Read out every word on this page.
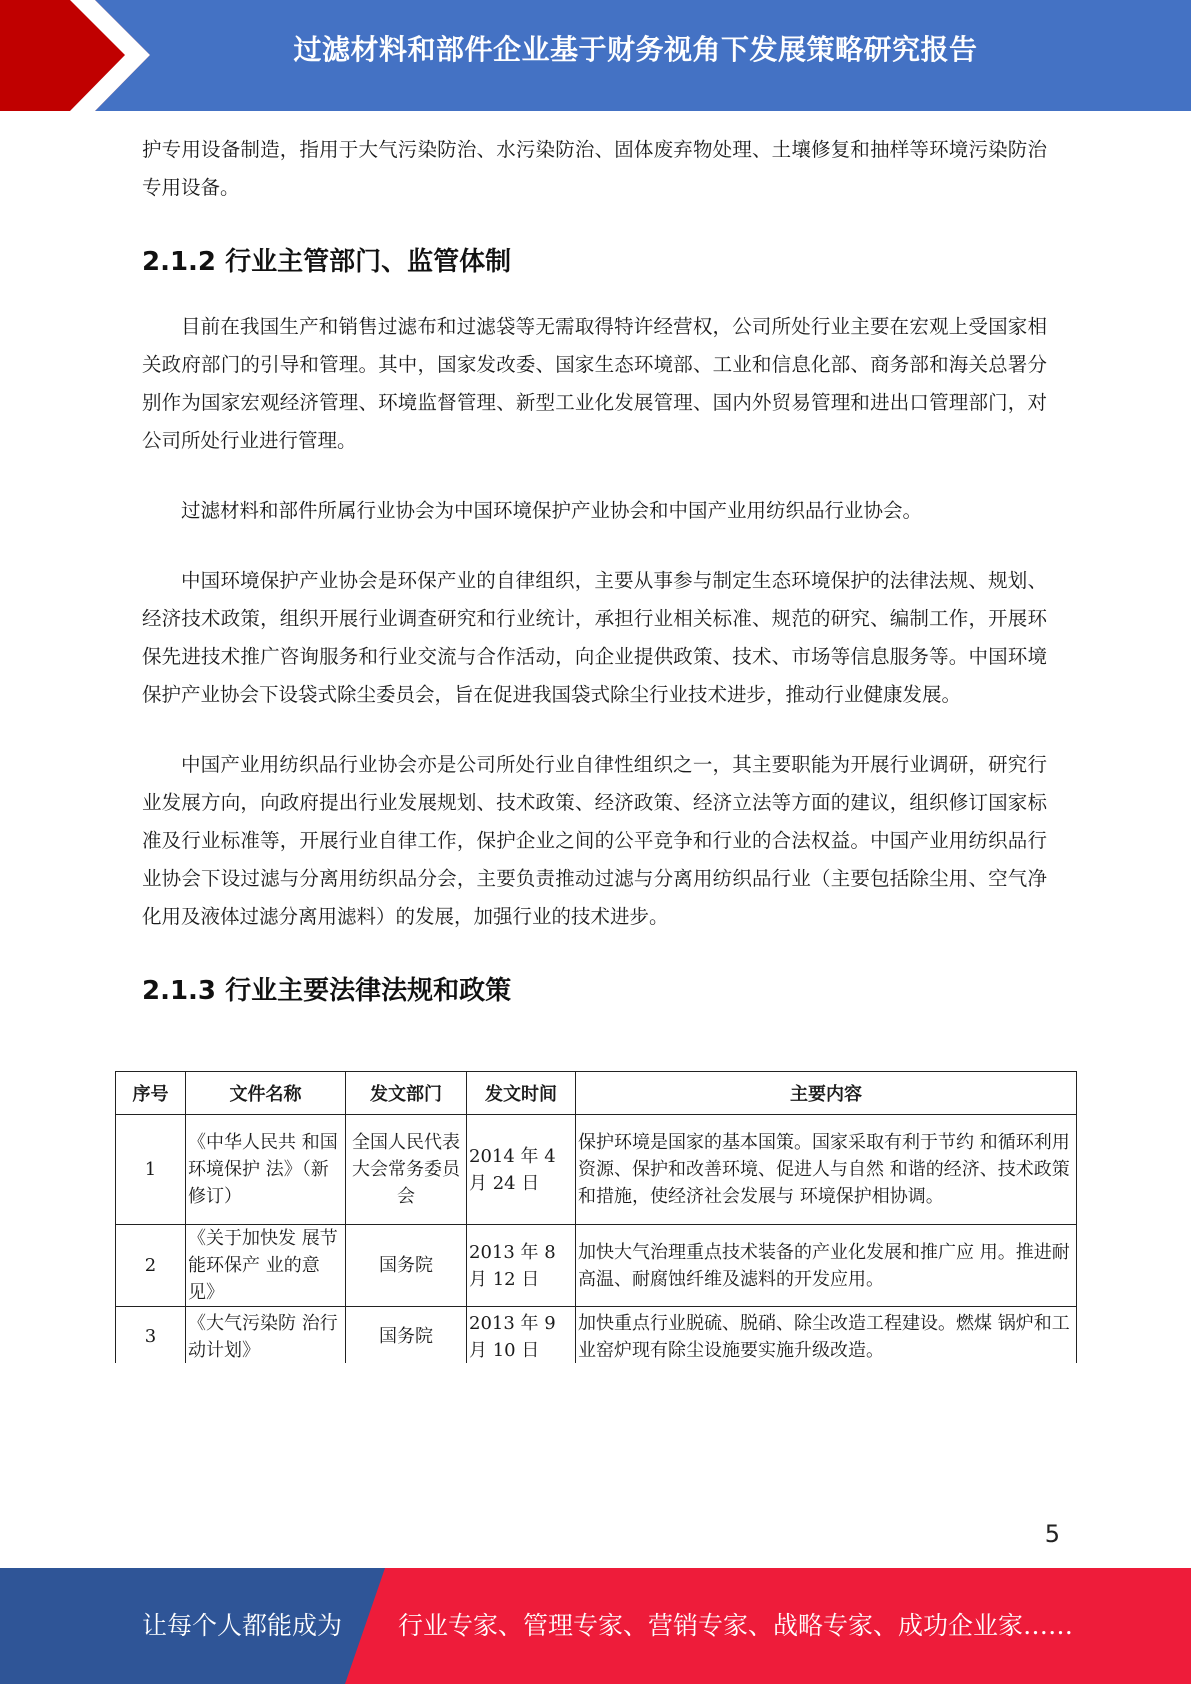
过滤材料和部件企业基于财务视角下发展策略研究报告

护专用设备制造，指用于大气污染防治、水污染防治、固体废弃物处理、土壤修复和抽样等环境污染防治专用设备。

2.1.2 行业主管部门、监管体制

目前在我国生产和销售过滤布和过滤袋等无需取得特许经营权，公司所处行业主要在宏观上受国家相关政府部门的引导和管理。其中，国家发改委、国家生态环境部、工业和信息化部、商务部和海关总署分别作为国家宏观经济管理、环境监督管理、新型工业化发展管理、国内外贸易管理和进出口管理部门，对公司所处行业进行管理。

过滤材料和部件所属行业协会为中国环境保护产业协会和中国产业用纺织品行业协会。

中国环境保护产业协会是环保产业的自律组织，主要从事参与制定生态环境保护的法律法规、规划、经济技术政策，组织开展行业调查研究和行业统计，承担行业相关标准、规范的研究、编制工作，开展环保先进技术推广咨询服务和行业交流与合作活动，向企业提供政策、技术、市场等信息服务等。中国环境保护产业协会下设袋式除尘委员会，旨在促进我国袋式除尘行业技术进步，推动行业健康发展。

中国产业用纺织品行业协会亦是公司所处行业自律性组织之一，其主要职能为开展行业调研，研究行业发展方向，向政府提出行业发展规划、技术政策、经济政策、经济立法等方面的建议，组织修订国家标准及行业标准等，开展行业自律工作，保护企业之间的公平竞争和行业的合法权益。中国产业用纺织品行业协会下设过滤与分离用纺织品分会，主要负责推动过滤与分离用纺织品行业（主要包括除尘用、空气净化用及液体过滤分离用滤料）的发展，加强行业的技术进步。

2.1.3 行业主要法律法规和政策
序号	文件名称	发文部门	发文时间	主要内容
1	《中华人民共 和国环境保护 法》（新修订）	全国人民代表大会常务委员会	2014 年 4 月 24 日	保护环境是国家的基本国策。国家采取有利于节约 和循环利用资源、保护和改善环境、促进人与自然 和谐的经济、技术政策和措施，使经济社会发展与 环境保护相协调。
2	《关于加快发 展节能环保产 业的意见》	国务院	2013 年 8 月 12 日	加快大气治理重点技术装备的产业化发展和推广应 用。推进耐高温、耐腐蚀纤维及滤料的开发应用。
3	《大气污染防 治行动计划》	国务院	2013 年 9 月 10 日	加快重点行业脱硫、脱硝、除尘改造工程建设。燃煤 锅炉和工业窑炉现有除尘设施要实施升级改造。
5
让每个人都能成为 行业专家、管理专家、营销专家、战略专家、成功企业家……
